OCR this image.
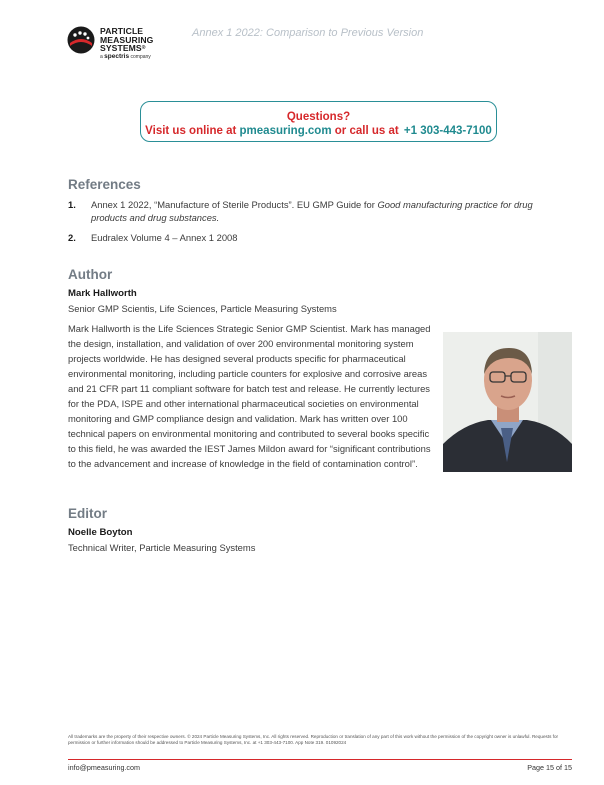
PARTICLE
MEASURING
SYSTEMS®
a spectris company
Annex 1 2022: Comparison to Previous Version
Questions?
Visit us online at pmeasuring.com or call us at +1 303-443-7100
References
1.	Annex 1 2022, “Manufacture of Sterile Products”. EU GMP Guide for Good manufacturing practice for drug products and drug substances.
2.	Eudralex Volume 4 – Annex 1 2008
Author
Mark Hallworth
Senior GMP Scientis, Life Sciences, Particle Measuring Systems
Mark Hallworth is the Life Sciences Strategic Senior GMP Scientist. Mark has managed the design, installation, and validation of over 200 environmental monitoring system projects worldwide. He has designed several products specific for pharmaceutical environmental monitoring, including particle counters for explosive and corrosive areas and 21 CFR part 11 compliant software for batch test and release. He currently lectures for the PDA, ISPE and other international pharmaceutical societies on environmental monitoring and GMP compliance design and validation. Mark has written over 100 technical papers on environmental monitoring and contributed to several books specific to this field, he was awarded the IEST James Mildon award for “significant contributions to the advancement and increase of knowledge in the field of contamination control”.
Editor
Noelle Boyton
Technical Writer, Particle Measuring Systems
All trademarks are the property of their respective owners. © 2024 Particle Measuring Systems, Inc. All rights reserved. Reproduction or translation of any part of this work without the permission of the copyright owner is unlawful. Requests for permission or further information should be addressed to Particle Measuring Systems, Inc. at +1 303-443-7100. App Note 319. 01092024
info@pmeasuring.com	Page 15 of 15
